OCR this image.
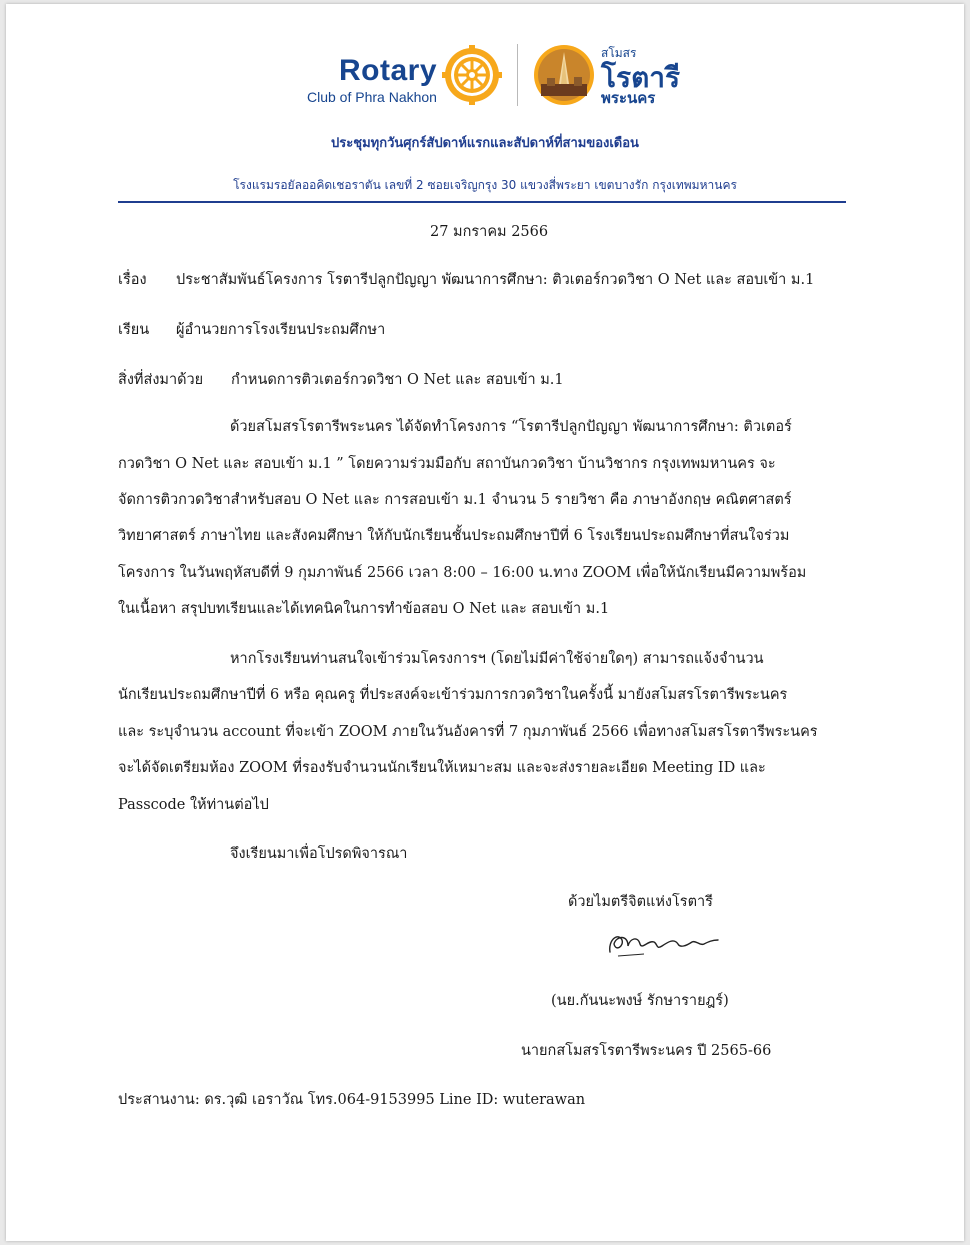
Rotary
Club of Phra Nakhon
สโมสร
โรตารี
พระนคร
ประชุมทุกวันศุกร์สัปดาห์แรกและสัปดาห์ที่สามของเดือน
โรงแรมรอยัลออคิดเชอราตัน เลขที่ 2 ซอยเจริญกรุง 30 แขวงสี่พระยา เขตบางรัก กรุงเทพมหานคร
27 มกราคม 2566
เรื่อง ประชาสัมพันธ์โครงการ โรตารีปลูกปัญญา พัฒนาการศึกษา: ติวเตอร์กวดวิชา O Net และ สอบเข้า ม.1
เรียน ผู้อำนวยการโรงเรียนประถมศึกษา
สิ่งที่ส่งมาด้วย กำหนดการติวเตอร์กวดวิชา O Net และ สอบเข้า ม.1
ด้วยสโมสรโรตารีพระนคร ได้จัดทำโครงการ “โรตารีปลูกปัญญา พัฒนาการศึกษา: ติวเตอร์
กวดวิชา O Net และ สอบเข้า ม.1 ” โดยความร่วมมือกับ สถาบันกวดวิชา บ้านวิชากร กรุงเทพมหานคร จะ
จัดการติวกวดวิชาสำหรับสอบ O Net และ การสอบเข้า ม.1 จำนวน 5 รายวิชา คือ ภาษาอังกฤษ คณิตศาสตร์
วิทยาศาสตร์ ภาษาไทย และสังคมศึกษา ให้กับนักเรียนชั้นประถมศึกษาปีที่ 6 โรงเรียนประถมศึกษาที่สนใจร่วม
โครงการ ในวันพฤหัสบดีที่ 9 กุมภาพันธ์ 2566 เวลา 8:00 – 16:00 น.ทาง ZOOM เพื่อให้นักเรียนมีความพร้อม
ในเนื้อหา สรุปบทเรียนและได้เทคนิคในการทำข้อสอบ O Net และ สอบเข้า ม.1
หากโรงเรียนท่านสนใจเข้าร่วมโครงการฯ (โดยไม่มีค่าใช้จ่ายใดๆ) สามารถแจ้งจำนวน
นักเรียนประถมศึกษาปีที่ 6 หรือ คุณครู ที่ประสงค์จะเข้าร่วมการกวดวิชาในครั้งนี้ มายังสโมสรโรตารีพระนคร
และ ระบุจำนวน account ที่จะเข้า ZOOM ภายในวันอังคารที่ 7 กุมภาพันธ์ 2566 เพื่อทางสโมสรโรตารีพระนคร
จะได้จัดเตรียมห้อง ZOOM ที่รองรับจำนวนนักเรียนให้เหมาะสม และจะส่งรายละเอียด Meeting ID และ
Passcode ให้ท่านต่อไป
จึงเรียนมาเพื่อโปรดพิจารณา
ด้วยไมตรีจิตแห่งโรตารี
(นย.กันนะพงษ์ รักษารายฎร์)
นายกสโมสรโรตารีพระนคร ปี 2565-66
ประสานงาน: ดร.วุฒิ เอราวัณ โทร.064-9153995 Line ID: wuterawan
